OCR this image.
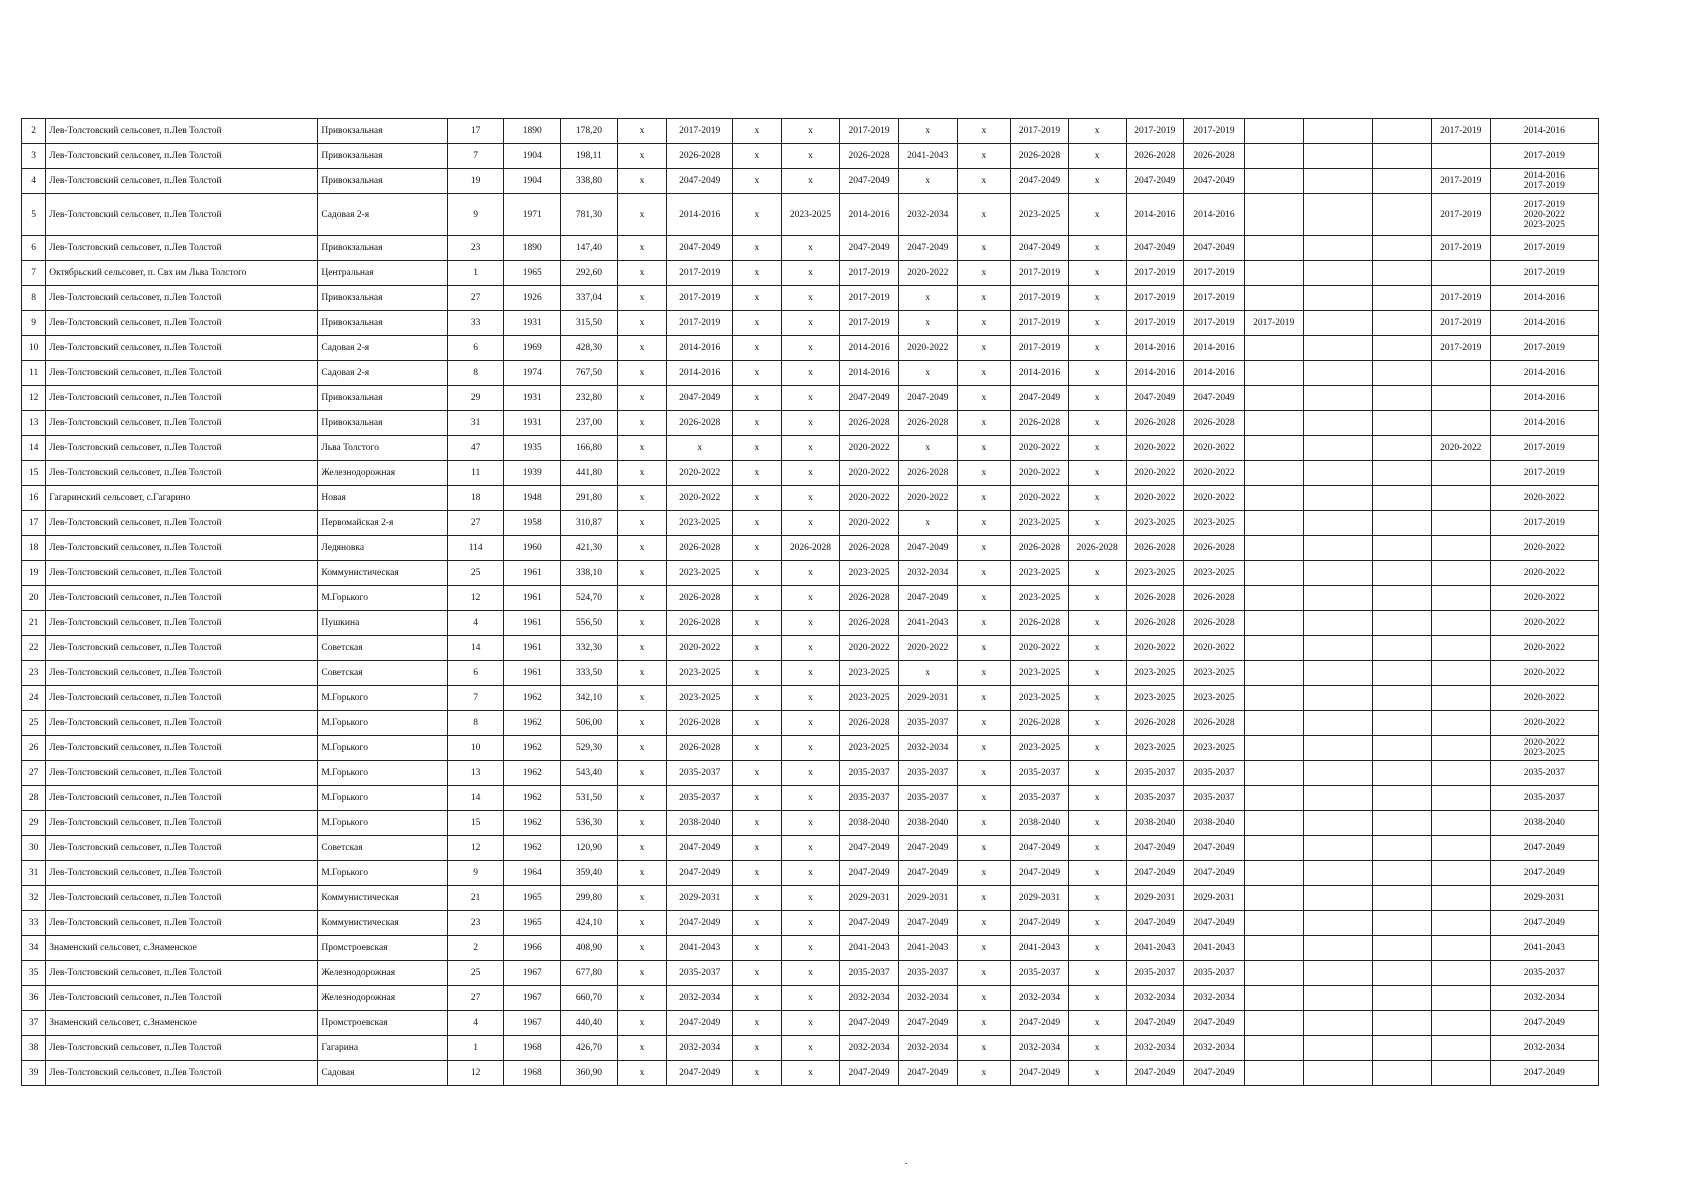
2	Лев-Толстовский сельсовет, п.Лев Толстой	Привокзальная	17	1890	178,20	х	2017-2019	х	х	2017-2019	х	х	2017-2019	х	2017-2019	2017-2019				2017-2019	2014-2016
3	Лев-Толстовский сельсовет, п.Лев Толстой	Привокзальная	7	1904	198,11	х	2026-2028	х	х	2026-2028	2041-2043	х	2026-2028	х	2026-2028	2026-2028					2017-2019
4	Лев-Толстовский сельсовет, п.Лев Толстой	Привокзальная	19	1904	338,80	х	2047-2049	х	х	2047-2049	х	х	2047-2049	х	2047-2049	2047-2049				2017-2019	2014-2016
2017-2019
5	Лев-Толстовский сельсовет, п.Лев Толстой	Садовая 2-я	9	1971	781,30	х	2014-2016	х	2023-2025	2014-2016	2032-2034	х	2023-2025	х	2014-2016	2014-2016				2017-2019	2017-2019
2020-2022
2023-2025
6	Лев-Толстовский сельсовет, п.Лев Толстой	Привокзальная	23	1890	147,40	х	2047-2049	х	х	2047-2049	2047-2049	х	2047-2049	х	2047-2049	2047-2049				2017-2019	2017-2019
7	Октябрьский сельсовет, п. Свх им Льва Толстого	Центральная	1	1965	292,60	х	2017-2019	х	х	2017-2019	2020-2022	х	2017-2019	х	2017-2019	2017-2019					2017-2019
8	Лев-Толстовский сельсовет, п.Лев Толстой	Привокзальная	27	1926	337,04	х	2017-2019	х	х	2017-2019	х	х	2017-2019	х	2017-2019	2017-2019				2017-2019	2014-2016
9	Лев-Толстовский сельсовет, п.Лев Толстой	Привокзальная	33	1931	315,50	х	2017-2019	х	х	2017-2019	х	х	2017-2019	х	2017-2019	2017-2019	2017-2019			2017-2019	2014-2016
10	Лев-Толстовский сельсовет, п.Лев Толстой	Садовая 2-я	6	1969	428,30	х	2014-2016	х	х	2014-2016	2020-2022	х	2017-2019	х	2014-2016	2014-2016				2017-2019	2017-2019
11	Лев-Толстовский сельсовет, п.Лев Толстой	Садовая 2-я	8	1974	767,50	х	2014-2016	х	х	2014-2016	х	х	2014-2016	х	2014-2016	2014-2016					2014-2016
12	Лев-Толстовский сельсовет, п.Лев Толстой	Привокзальная	29	1931	232,80	х	2047-2049	х	х	2047-2049	2047-2049	х	2047-2049	х	2047-2049	2047-2049					2014-2016
13	Лев-Толстовский сельсовет, п.Лев Толстой	Привокзальная	31	1931	237,00	х	2026-2028	х	х	2026-2028	2026-2028	х	2026-2028	х	2026-2028	2026-2028					2014-2016
14	Лев-Толстовский сельсовет, п.Лев Толстой	Льва Толстого	47	1935	166,80	х	х	х	х	2020-2022	х	х	2020-2022	х	2020-2022	2020-2022				2020-2022	2017-2019
15	Лев-Толстовский сельсовет, п.Лев Толстой	Железнодорожная	11	1939	441,80	х	2020-2022	х	х	2020-2022	2026-2028	х	2020-2022	х	2020-2022	2020-2022					2017-2019
16	Гагаринский сельсовет, с.Гагарино	Новая	18	1948	291,80	х	2020-2022	х	х	2020-2022	2020-2022	х	2020-2022	х	2020-2022	2020-2022					2020-2022
17	Лев-Толстовский сельсовет, п.Лев Толстой	Первомайская 2-я	27	1958	310,87	х	2023-2025	х	х	2020-2022	х	х	2023-2025	х	2023-2025	2023-2025					2017-2019
18	Лев-Толстовский сельсовет, п.Лев Толстой	Ледяновка	114	1960	421,30	х	2026-2028	х	2026-2028	2026-2028	2047-2049	х	2026-2028	2026-2028	2026-2028	2026-2028					2020-2022
19	Лев-Толстовский сельсовет, п.Лев Толстой	Коммунистическая	25	1961	338,10	х	2023-2025	х	х	2023-2025	2032-2034	х	2023-2025	х	2023-2025	2023-2025					2020-2022
20	Лев-Толстовский сельсовет, п.Лев Толстой	М.Горького	12	1961	524,70	х	2026-2028	х	х	2026-2028	2047-2049	х	2023-2025	х	2026-2028	2026-2028					2020-2022
21	Лев-Толстовский сельсовет, п.Лев Толстой	Пушкина	4	1961	556,50	х	2026-2028	х	х	2026-2028	2041-2043	х	2026-2028	х	2026-2028	2026-2028					2020-2022
22	Лев-Толстовский сельсовет, п.Лев Толстой	Советская	14	1961	332,30	х	2020-2022	х	х	2020-2022	2020-2022	х	2020-2022	х	2020-2022	2020-2022					2020-2022
23	Лев-Толстовский сельсовет, п.Лев Толстой	Советская	6	1961	333,50	х	2023-2025	х	х	2023-2025	х	х	2023-2025	х	2023-2025	2023-2025					2020-2022
24	Лев-Толстовский сельсовет, п.Лев Толстой	М.Горького	7	1962	342,10	х	2023-2025	х	х	2023-2025	2029-2031	х	2023-2025	х	2023-2025	2023-2025					2020-2022
25	Лев-Толстовский сельсовет, п.Лев Толстой	М.Горького	8	1962	506,00	х	2026-2028	х	х	2026-2028	2035-2037	х	2026-2028	х	2026-2028	2026-2028					2020-2022
26	Лев-Толстовский сельсовет, п.Лев Толстой	М.Горького	10	1962	529,30	х	2026-2028	х	х	2023-2025	2032-2034	х	2023-2025	х	2023-2025	2023-2025					2020-2022
2023-2025
27	Лев-Толстовский сельсовет, п.Лев Толстой	М.Горького	13	1962	543,40	х	2035-2037	х	х	2035-2037	2035-2037	х	2035-2037	х	2035-2037	2035-2037					2035-2037
28	Лев-Толстовский сельсовет, п.Лев Толстой	М.Горького	14	1962	531,50	х	2035-2037	х	х	2035-2037	2035-2037	х	2035-2037	х	2035-2037	2035-2037					2035-2037
29	Лев-Толстовский сельсовет, п.Лев Толстой	М.Горького	15	1962	536,30	х	2038-2040	х	х	2038-2040	2038-2040	х	2038-2040	х	2038-2040	2038-2040					2038-2040
30	Лев-Толстовский сельсовет, п.Лев Толстой	Советская	12	1962	120,90	х	2047-2049	х	х	2047-2049	2047-2049	х	2047-2049	х	2047-2049	2047-2049					2047-2049
31	Лев-Толстовский сельсовет, п.Лев Толстой	М.Горького	9	1964	359,40	х	2047-2049	х	х	2047-2049	2047-2049	х	2047-2049	х	2047-2049	2047-2049					2047-2049
32	Лев-Толстовский сельсовет, п.Лев Толстой	Коммунистическая	21	1965	299,80	х	2029-2031	х	х	2029-2031	2029-2031	х	2029-2031	х	2029-2031	2029-2031					2029-2031
33	Лев-Толстовский сельсовет, п.Лев Толстой	Коммунистическая	23	1965	424,10	х	2047-2049	х	х	2047-2049	2047-2049	х	2047-2049	х	2047-2049	2047-2049					2047-2049
34	Знаменский сельсовет, с.Знаменское	Промстроевская	2	1966	408,90	х	2041-2043	х	х	2041-2043	2041-2043	х	2041-2043	х	2041-2043	2041-2043					2041-2043
35	Лев-Толстовский сельсовет, п.Лев Толстой	Железнодорожная	25	1967	677,80	х	2035-2037	х	х	2035-2037	2035-2037	х	2035-2037	х	2035-2037	2035-2037					2035-2037
36	Лев-Толстовский сельсовет, п.Лев Толстой	Железнодорожная	27	1967	660,70	х	2032-2034	х	х	2032-2034	2032-2034	х	2032-2034	х	2032-2034	2032-2034					2032-2034
37	Знаменский сельсовет, с.Знаменское	Промстроевская	4	1967	440,40	х	2047-2049	х	х	2047-2049	2047-2049	х	2047-2049	х	2047-2049	2047-2049					2047-2049
38	Лев-Толстовский сельсовет, п.Лев Толстой	Гагарина	1	1968	426,70	х	2032-2034	х	х	2032-2034	2032-2034	х	2032-2034	х	2032-2034	2032-2034					2032-2034
39	Лев-Толстовский сельсовет, п.Лев Толстой	Садовая	12	1968	360,90	х	2047-2049	х	х	2047-2049	2047-2049	х	2047-2049	х	2047-2049	2047-2049					2047-2049
